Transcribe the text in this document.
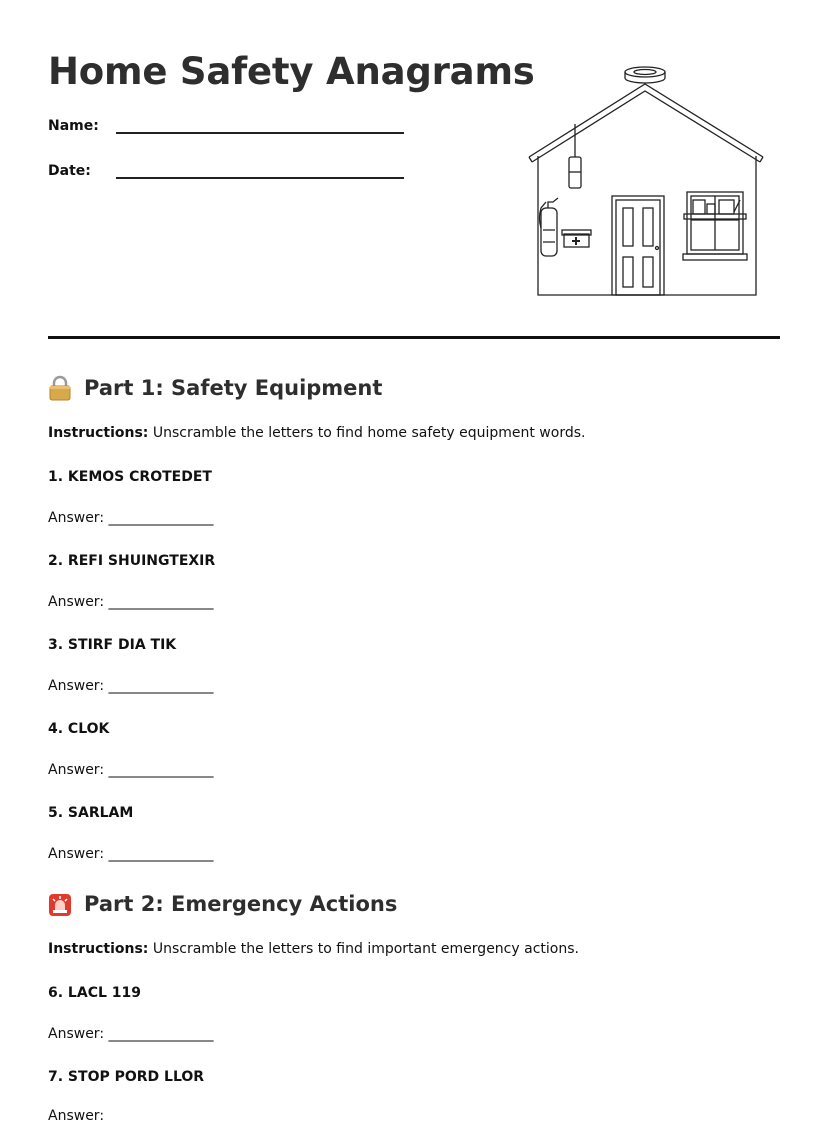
Home Safety Anagrams
Name:
Date:
Part 1: Safety Equipment
Instructions: Unscramble the letters to find home safety equipment words.
1. KEMOS CROTEDET
Answer: _______________
2. REFI SHUINGTEXIR
Answer: _______________
3. STIRF DIA TIK
Answer: _______________
4. CLOK
Answer: _______________
5. SARLAM
Answer: _______________
Part 2: Emergency Actions
Instructions: Unscramble the letters to find important emergency actions.
6. LACL 119
Answer: _______________
7. STOP PORD LLOR
Answer:
